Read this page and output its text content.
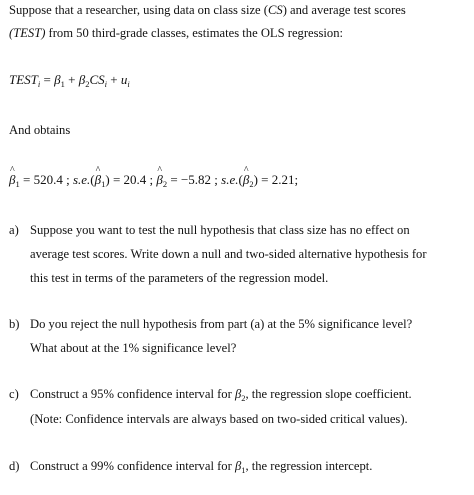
Suppose that a researcher, using data on class size (CS) and average test scores
(TEST) from 50 third-grade classes, estimates the OLS regression:
$TEST_i = \beta_1 + \beta_2CS_i + u_i$
And obtains
^ $\beta_1 = 520.4$ ; s.e.(^ $\beta_1) = 20.4$ ; ^ $\beta_2 = -5.82$ ; s.e.(^ $\beta_2) = 2.21$;
a) Suppose you want to test the null hypothesis that class size has no effect on
average test scores. Write down a null and two-sided alternative hypothesis for
this test in terms of the parameters of the regression model.
b) Do you reject the null hypothesis from part (a) at the 5% significance level?
What about at the 1% significance level?
c) Construct a 95% confidence interval for $\beta_2$, the regression slope coefficient.
(Note: Confidence intervals are always based on two-sided critical values).
d) Construct a 99% confidence interval for $\beta_1$, the regression intercept.
